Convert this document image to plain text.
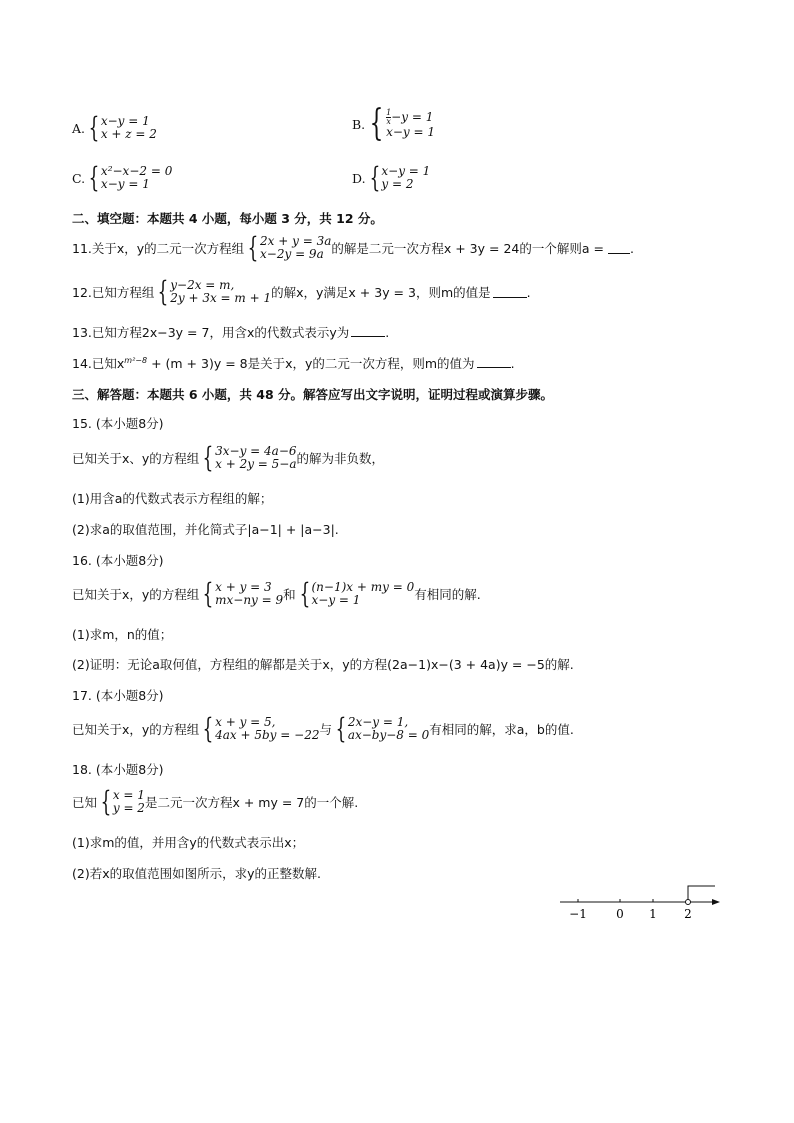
A. { x−y = 1
x + z = 2
B. { 1
x −y = 1
x−y = 1
C. { x²−x−2 = 0
x−y = 1	D. { x−y = 1
y = 2
二、填空题：本题共 4 小题，每小题 3 分，共 12 分。
11. 关于x，y的二元一次方程组 { 2x + y = 3a
x−2y = 9a 的解是二元一次方程x + 3y = 24的一个解则a = .
12. 已知方程组 { y−2x = m,
2y + 3x = m + 1 的解x，y满足x + 3y = 3，则m的值是	.
13.已知方程2x−3y = 7，用含x的代数式表示y为	.
14.已知$x^{m^2-8} + (m + 3)y = 8$是关于x，y的二元一次方程，则m的值为	.
三、解答题：本题共 6 小题，共 48 分。解答应写出文字说明，证明过程或演算步骤。
15. (本小题8分)
已知关于x、y的方程组 { 3x−y = 4a−6
x + 2y = 5−a 的解为非负数，
(1)用含a的代数式表示方程组的解；
(2)求a的取值范围，并化简式子|a−1| + |a−3|.
16. (本小题8分)
已知关于x，y的方程组 { x + y = 3
mx−ny = 9 和 { (n−1)x + my = 0
x−y = 1	有相同的解.
(1)求m，n的值；
(2)证明：无论a取何值，方程组的解都是关于x，y的方程(2a−1)x−(3 + 4a)y = −5的解.
17. (本小题8分)
已知关于x，y的方程组 { x + y = 5,
4ax + 5by = −22 与 { 2x−y = 1,
ax−by−8 = 0 有相同的解，求a，b的值.
18. (本小题8分)
已知 { x = 1
y = 2 是二元一次方程x + my = 7的一个解.
(1)求m的值，并用含y的代数式表示出x；
(2)若x的取值范围如图所示，求y的正整数解.
−1 0 1 2
